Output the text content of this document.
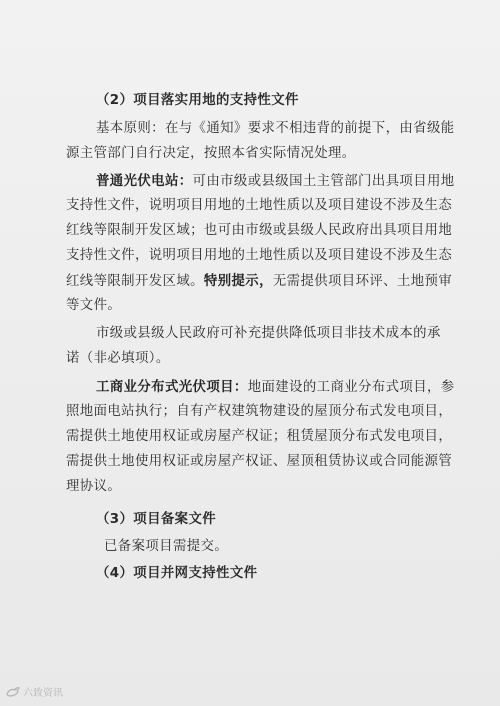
（2）项目落实用地的支持性文件
基本原则：在与《通知》要求不相违背的前提下，由省级能
源主管部门自行决定，按照本省实际情况处理。
普通光伏电站：可由市级或县级国土主管部门出具项目用地
支持性文件，说明项目用地的土地性质以及项目建设不涉及生态
红线等限制开发区域；也可由市级或县级人民政府出具项目用地
支持性文件，说明项目用地的土地性质以及项目建设不涉及生态
红线等限制开发区域。特别提示，无需提供项目环评、土地预审
等文件。
市级或县级人民政府可补充提供降低项目非技术成本的承
诺（非必填项）。
工商业分布式光伏项目：地面建设的工商业分布式项目，参
照地面电站执行；自有产权建筑物建设的屋顶分布式发电项目，
需提供土地使用权证或房屋产权证；租赁屋顶分布式发电项目，
需提供土地使用权证或房屋产权证、屋顶租赁协议或合同能源管
理协议。
（3）项目备案文件
已备案项目需提交。
（4）项目并网支持性文件
六致资讯
